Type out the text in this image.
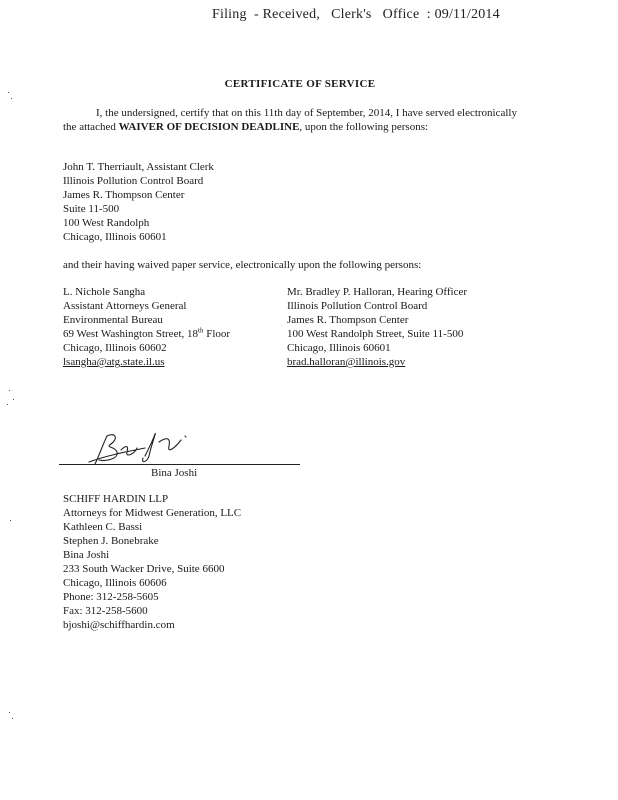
Filing  - Received,   Clerk's   Office  : 09/11/2014
CERTIFICATE OF SERVICE
I, the undersigned, certify that on this 11th day of September, 2014, I have served electronically the attached WAIVER OF DECISION DEADLINE, upon the following persons:
John T. Therriault, Assistant Clerk
Illinois Pollution Control Board
James R. Thompson Center
Suite 11-500
100 West Randolph
Chicago, Illinois 60601
and their having waived paper service, electronically upon the following persons:
L. Nichole Sangha
Assistant Attorneys General
Environmental Bureau
69 West Washington Street, 18th Floor
Chicago, Illinois 60602
lsangha@atg.state.il.us
Mr. Bradley P. Halloran, Hearing Officer
Illinois Pollution Control Board
James R. Thompson Center
100 West Randolph Street, Suite 11-500
Chicago, Illinois 60601
brad.halloran@illinois.gov
Bina Joshi
SCHIFF HARDIN LLP
Attorneys for Midwest Generation, LLC
Kathleen C. Bassi
Stephen J. Bonebrake
Bina Joshi
233 South Wacker Drive, Suite 6600
Chicago, Illinois 60606
Phone: 312-258-5605
Fax: 312-258-5600
bjoshi@schiffhardin.com
